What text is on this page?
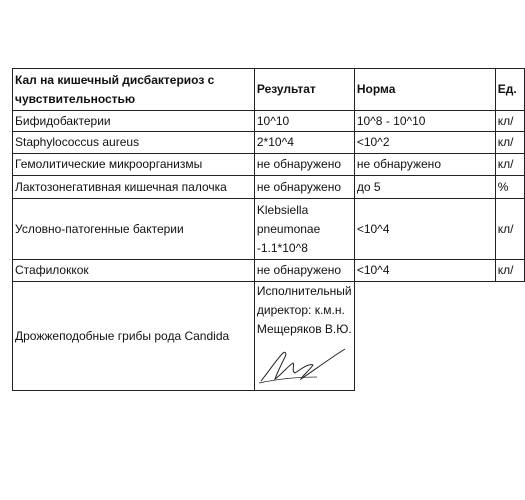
Кал на кишечный дисбактериоз с
чувствительностью	Результат	Норма	Ед.
Бифидобактерии	10^10	10^8 - 10^10	кл/
Staphylococcus aureus	2*10^4	<10^2	кл/
Гемолитические микроорганизмы	не обнаружено	не обнаружено	кл/
Лактозонегативная кишечная палочка	не обнаружено	до 5	%
Условно-патогенные бактерии	Klebsiella
pneumonae
-1.1*10^8	<10^4	кл/
Стафилоккок	не обнаружено	<10^4	кл/
Дрожжеподобные грибы рода Candida	Исполнительный
директор: к.м.н.
Мещеряков В.Ю.		
